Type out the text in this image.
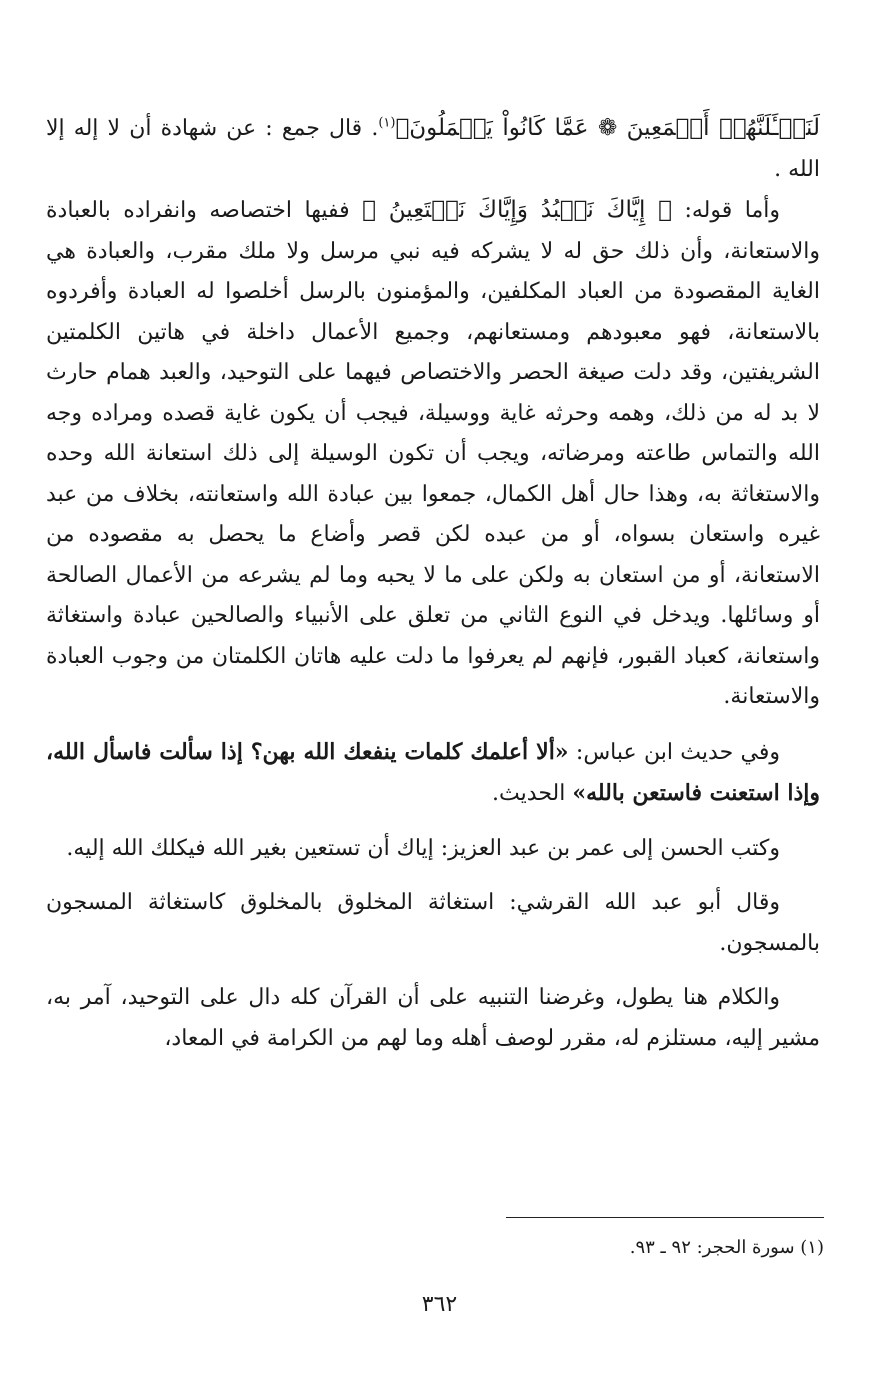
لَنَسۡـَٔلَنَّهُمۡ أَجۡمَعِينَ ❁ عَمَّا كَانُواْ يَعۡمَلُونَ﴾$^{(١)}$. قال جمع : عن شهادة أن لا إله إلا الله .

وأما قوله: ﴿ إِيَّاكَ نَعۡبُدُ وَإِيَّاكَ نَسۡتَعِينُ ﴾ ففيها اختصاصه وانفراده بالعبادة والاستعانة، وأن ذلك حق له لا يشركه فيه نبي مرسل ولا ملك مقرب، والعبادة هي الغاية المقصودة من العباد المكلفين، والمؤمنون بالرسل أخلصوا له العبادة وأفردوه بالاستعانة، فهو معبودهم ومستعانهم، وجميع الأعمال داخلة في هاتين الكلمتين الشريفتين، وقد دلت صيغة الحصر والاختصاص فيهما على التوحيد، والعبد همام حارث لا بد له من ذلك، وهمه وحرثه غاية ووسيلة، فيجب أن يكون غاية قصده ومراده وجه الله والتماس طاعته ومرضاته، ويجب أن تكون الوسيلة إلى ذلك استعانة الله وحده والاستغاثة به، وهذا حال أهل الكمال، جمعوا بين عبادة الله واستعانته، بخلاف من عبد غيره واستعان بسواه، أو من عبده لكن قصر وأضاع ما يحصل به مقصوده من الاستعانة، أو من استعان به ولكن على ما لا يحبه وما لم يشرعه من الأعمال الصالحة أو وسائلها. ويدخل في النوع الثاني من تعلق على الأنبياء والصالحين عبادة واستغاثة واستعانة، كعباد القبور، فإنهم لم يعرفوا ما دلت عليه هاتان الكلمتان من وجوب العبادة والاستعانة.

وفي حديث ابن عباس: «ألا أعلمك كلمات ينفعك الله بهن؟ إذا سألت فاسأل الله، وإذا استعنت فاستعن بالله» الحديث.

وكتب الحسن إلى عمر بن عبد العزيز: إياك أن تستعين بغير الله فيكلك الله إليه.

وقال أبو عبد الله القرشي: استغاثة المخلوق بالمخلوق كاستغاثة المسجون بالمسجون.

والكلام هنا يطول، وغرضنا التنبيه على أن القرآن كله دال على التوحيد، آمر به، مشير إليه، مستلزم له، مقرر لوصف أهله وما لهم من الكرامة في المعاد،

(١) سورة الحجر: ٩٢ ـ ٩٣.

٣٦٢
